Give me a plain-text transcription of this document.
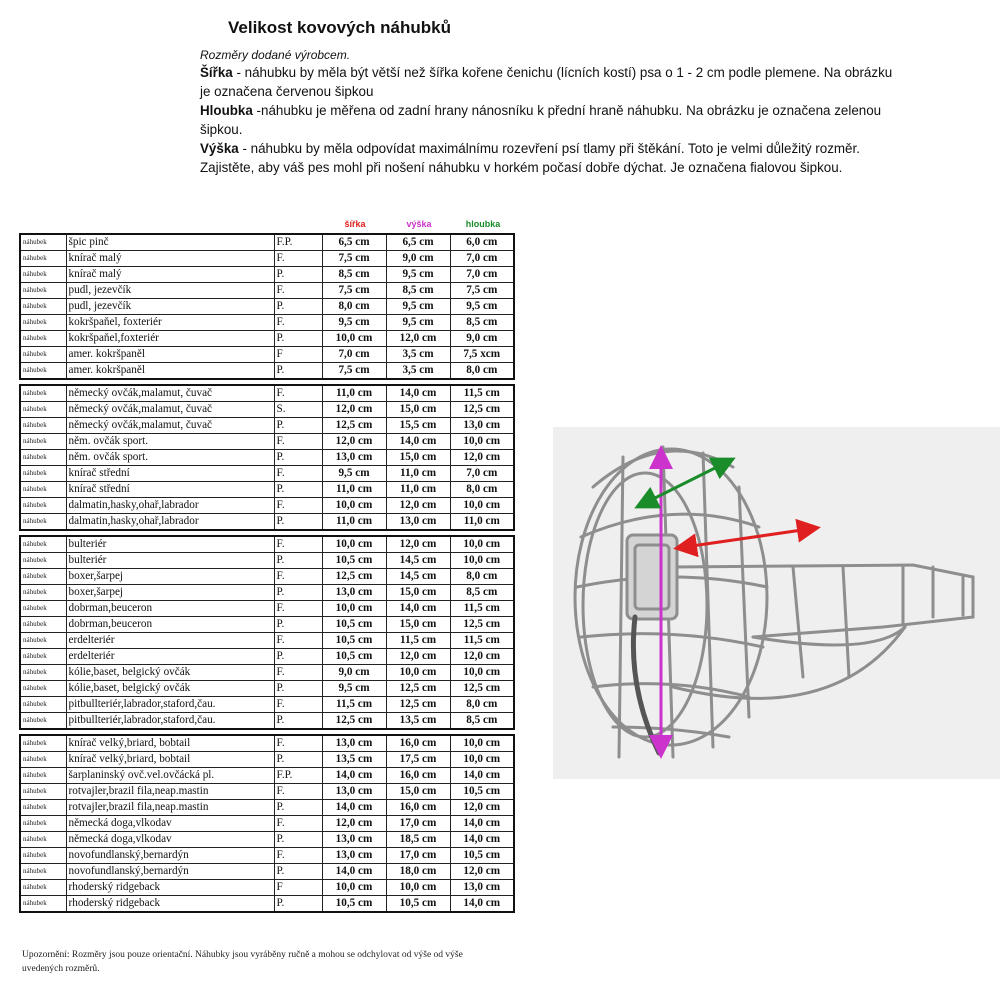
Velikost kovových náhubků
Rozměry dodané výrobcem.
Šířka - náhubku by měla být větší než šířka kořene čenichu (lícních kostí) psa o 1 - 2 cm podle plemene. Na obrázku je označena červenou šipkou
Hloubka -náhubku je měřena od zadní hrany nánosníku k přední hraně náhubku. Na obrázku je označena zelenou šipkou.
Výška - náhubku by měla odpovídat maximálnímu rozevření psí tlamy při štěkání. Toto je velmi důležitý rozměr. Zajistěte, aby váš pes mohl při nošení náhubku v horkém počasí dobře dýchat. Je označena fialovou šipkou.
šířka	výška	hloubka
náhubek	špic pinč	F.P.	6,5 cm	6,5 cm	6,0 cm
náhubek	knírač malý	F.	7,5 cm	9,0 cm	7,0 cm
náhubek	knírač malý	P.	8,5 cm	9,5 cm	7,0 cm
náhubek	pudl, jezevčík	F.	7,5 cm	8,5 cm	7,5 cm
náhubek	pudl, jezevčík	P.	8,0 cm	9,5 cm	9,5 cm
náhubek	kokršpaňel, foxteriér	F.	9,5 cm	9,5 cm	8,5 cm
náhubek	kokršpaňel,foxteriér	P.	10,0 cm	12,0 cm	9,0 cm
náhubek	amer. kokršpaněl	F	7,0 cm	3,5 cm	7,5 xcm
náhubek	amer. kokršpaněl	P.	7,5 cm	3,5 cm	8,0 cm
náhubek	německý ovčák,malamut, čuvač	F.	11,0 cm	14,0 cm	11,5 cm
náhubek	německý ovčák,malamut, čuvač	S.	12,0 cm	15,0 cm	12,5 cm
náhubek	německý ovčák,malamut, čuvač	P.	12,5 cm	15,5 cm	13,0 cm
náhubek	něm. ovčák sport.	F.	12,0 cm	14,0 cm	10,0 cm
náhubek	něm. ovčák sport.	P.	13,0 cm	15,0 cm	12,0 cm
náhubek	knírač střední	F.	9,5 cm	11,0 cm	7,0 cm
náhubek	knírač střední	P.	11,0 cm	11,0 cm	8,0 cm
náhubek	dalmatin,hasky,ohař,labrador	F.	10,0 cm	12,0 cm	10,0 cm
náhubek	dalmatin,hasky,ohař,labrador	P.	11,0 cm	13,0 cm	11,0 cm
náhubek	bulteriér	F.	10,0 cm	12,0 cm	10,0 cm
náhubek	bulteriér	P.	10,5 cm	14,5 cm	10,0 cm
náhubek	boxer,šarpej	F.	12,5 cm	14,5 cm	8,0 cm
náhubek	boxer,šarpej	P.	13,0 cm	15,0 cm	8,5 cm
náhubek	dobrman,beuceron	F.	10,0 cm	14,0 cm	11,5 cm
náhubek	dobrman,beuceron	P.	10,5 cm	15,0 cm	12,5 cm
náhubek	erdelteriér	F.	10,5 cm	11,5 cm	11,5 cm
náhubek	erdelteriér	P.	10,5 cm	12,0 cm	12,0 cm
náhubek	kólie,baset, belgický ovčák	F.	9,0 cm	10,0 cm	10,0 cm
náhubek	kólie,baset, belgický ovčák	P.	9,5 cm	12,5 cm	12,5 cm
náhubek	pitbullteriér,labrador,staford,čau.	F.	11,5 cm	12,5 cm	8,0 cm
náhubek	pitbullteriér,labrador,staford,čau.	P.	12,5 cm	13,5 cm	8,5 cm
náhubek	knírač velký,briard, bobtail	F.	13,0 cm	16,0 cm	10,0 cm
náhubek	knírač velký,briard, bobtail	P.	13,5 cm	17,5 cm	10,0 cm
náhubek	šarplaninský ovč.vel.ovčácká pl.	F.P.	14,0 cm	16,0 cm	14,0 cm
náhubek	rotvajler,brazil fila,neap.mastin	F.	13,0 cm	15,0 cm	10,5 cm
náhubek	rotvajler,brazil fila,neap.mastin	P.	14,0 cm	16,0 cm	12,0 cm
náhubek	německá doga,vlkodav	F.	12,0 cm	17,0 cm	14,0 cm
náhubek	německá doga,vlkodav	P.	13,0 cm	18,5 cm	14,0 cm
náhubek	novofundlanský,bernardýn	F.	13,0 cm	17,0 cm	10,5 cm
náhubek	novofundlanský,bernardýn	P.	14,0 cm	18,0 cm	12,0 cm
náhubek	rhoderský ridgeback	F	10,0 cm	10,0 cm	13,0 cm
náhubek	rhoderský ridgeback	P.	10,5 cm	10,5 cm	14,0 cm
Upozornění: Rozměry jsou pouze orientační. Náhubky jsou vyráběny ručně a mohou se odchylovat od výše od výše uvedených rozměrů.
